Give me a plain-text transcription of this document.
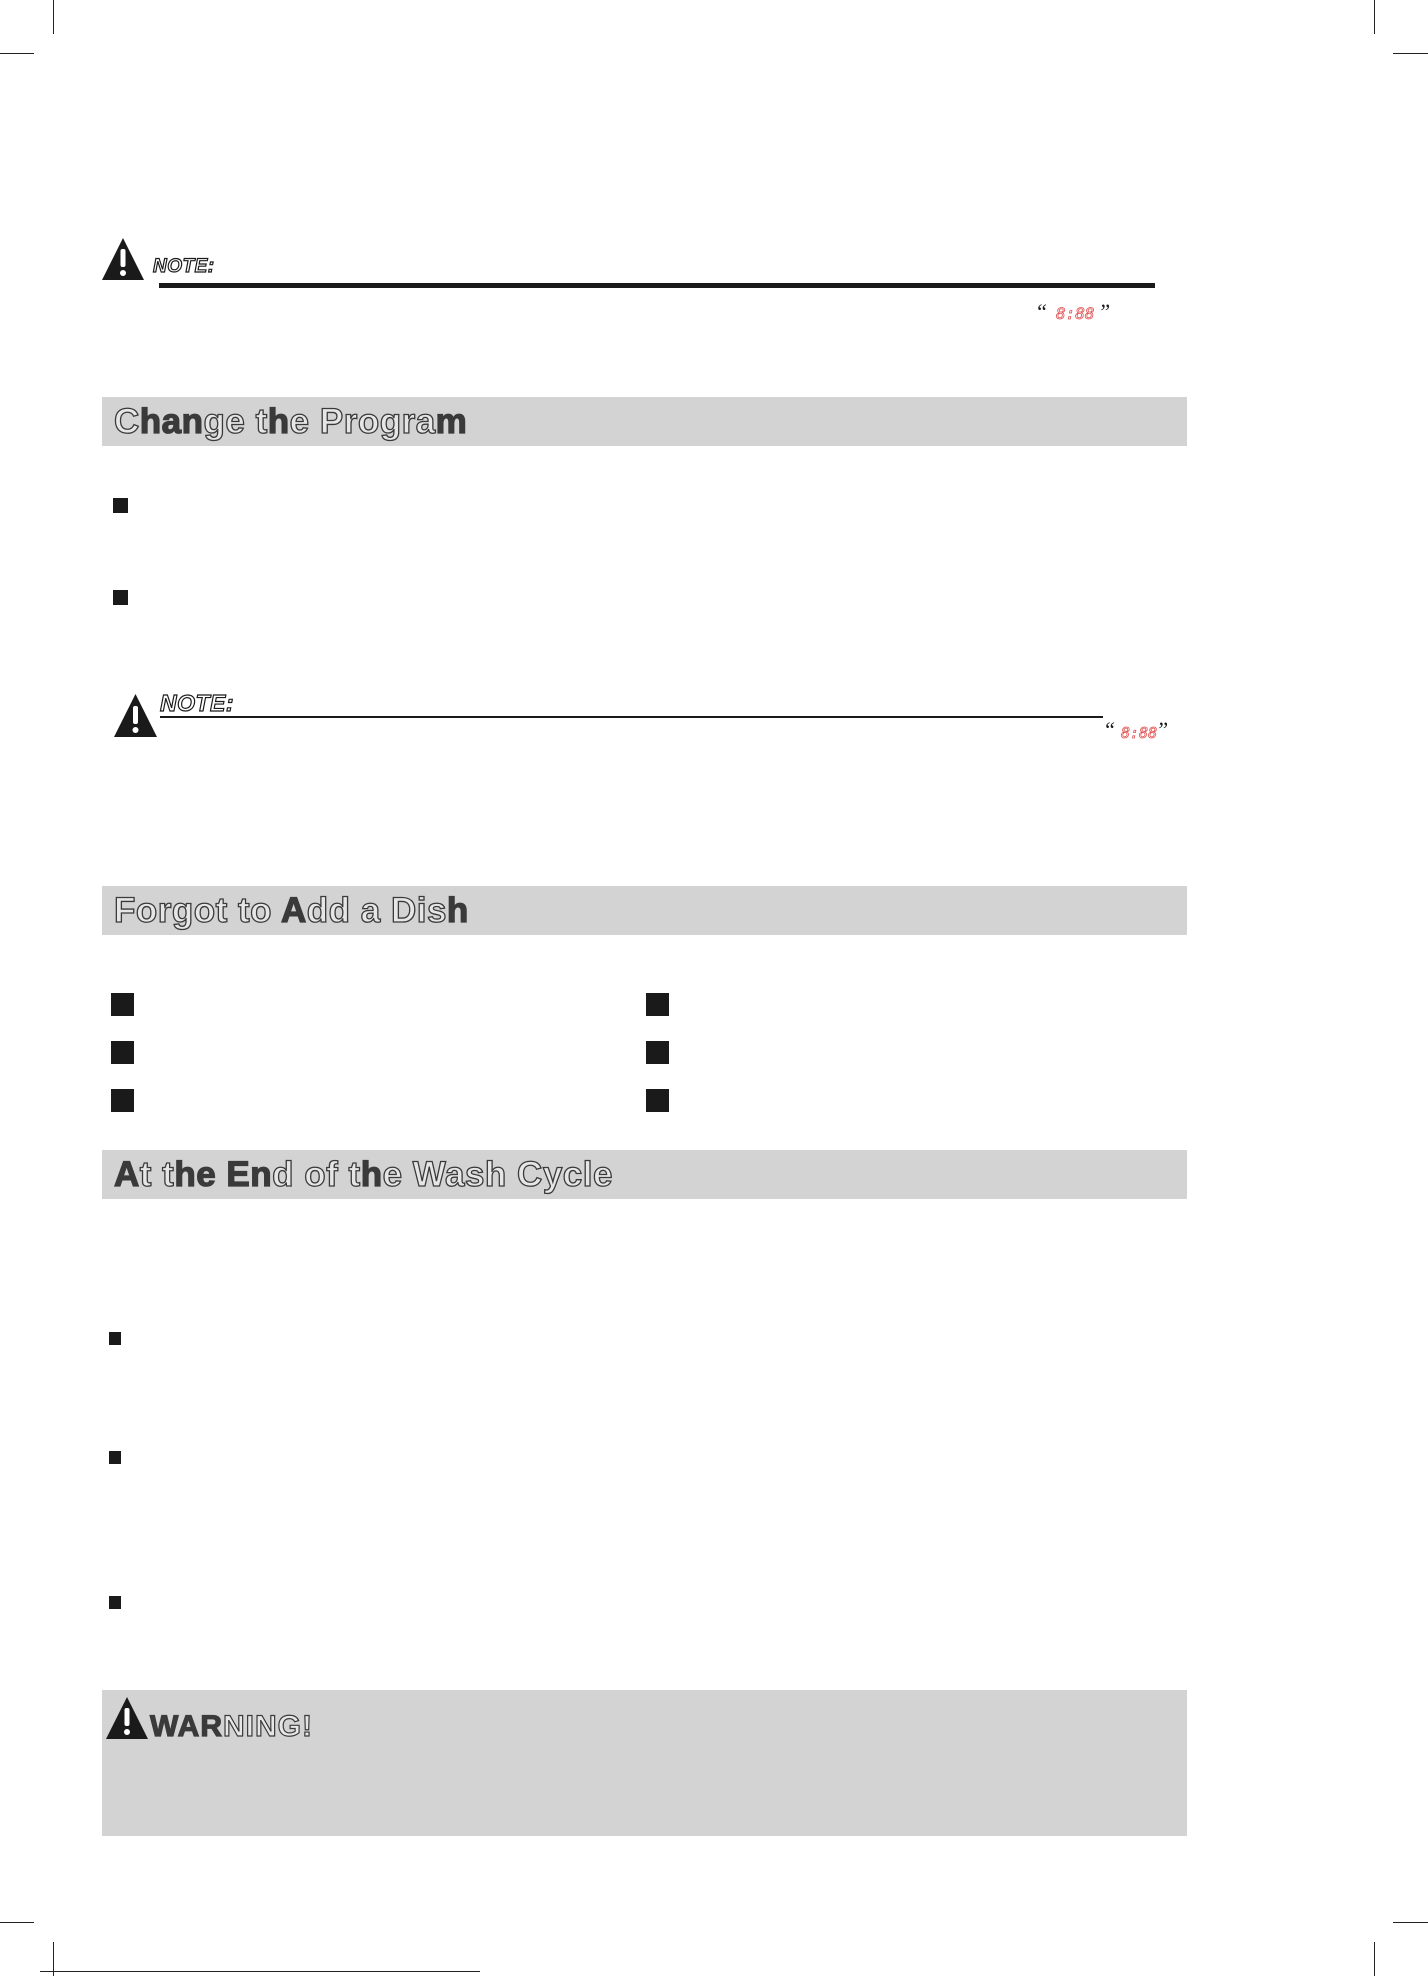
NOTE:
“ 8:88 ”
Change the Program
NOTE:
“ 8:88
”
Forgot to Add a Dish
At the End of the Wash Cycle
WARNING!
